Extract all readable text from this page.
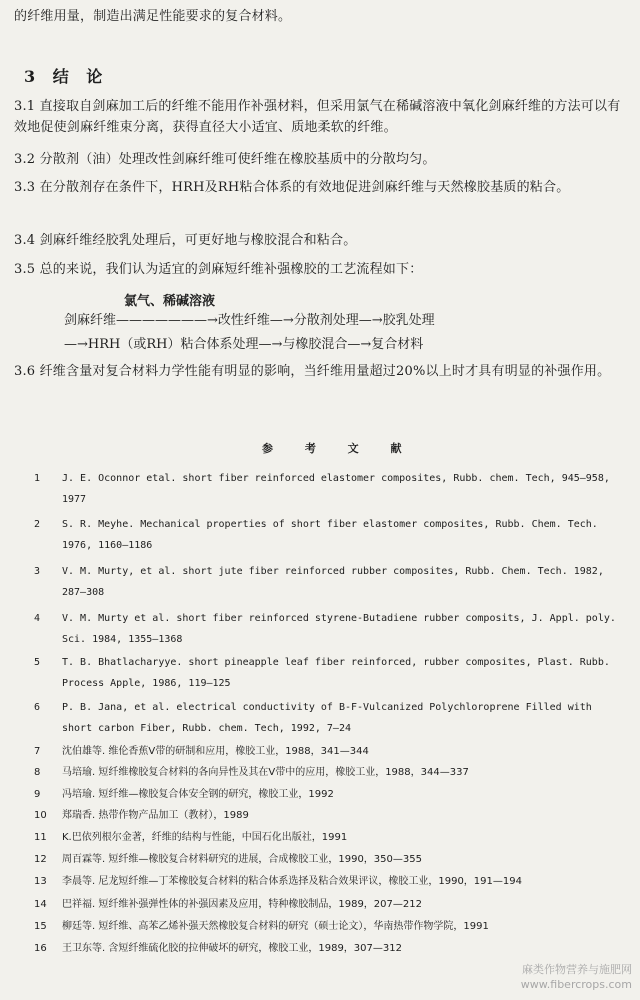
的纤维用量，制造出满足性能要求的复合材料。
3 结 论
3.1 直接取自剑麻加工后的纤维不能用作补强材料，但采用氯气在稀碱溶液中氧化剑麻纤维的方法可以有效地促使剑麻纤维束分离，获得直径大小适宜、质地柔软的纤维。
3.2 分散剂（油）处理改性剑麻纤维可使纤维在橡胶基质中的分散均匀。
3.3 在分散剂存在条件下，HRH及RH粘合体系的有效地促进剑麻纤维与天然橡胶基质的粘合。
3.4 剑麻纤维经胶乳处理后，可更好地与橡胶混合和粘合。
3.5 总的来说，我们认为适宜的剑麻短纤维补强橡胶的工艺流程如下：
氯气、稀碱溶液
剑麻纤维———————→改性纤维—→分散剂处理—→胶乳处理
—→HRH（或RH）粘合体系处理—→与橡胶混合—→复合材料
3.6 纤维含量对复合材料力学性能有明显的影响，当纤维用量超过20%以上时才具有明显的补强作用。
参 考 文 献
1	J. E. Oconnor etal. short fiber reinforced elastomer composites, Rubb. chem. Tech, 945—958, 1977
2	S. R. Meyhe. Mechanical properties of short fiber elastomer composites, Rubb. Chem. Tech. 1976, 1160—1186
3	V. M. Murty, et al. short jute fiber reinforced rubber composites, Rubb. Chem. Tech. 1982, 287—308
4	V. M. Murty et al. short fiber reinforced styrene-Butadiene rubber composits, J. Appl. poly. Sci. 1984, 1355—1368
5	T. B. Bhatlacharyye. short pineapple leaf fiber reinforced, rubber composites, Plast. Rubb. Process Apple, 1986, 119—125
6	P. B. Jana, et al. electrical conductivity of B-F-Vulcanized Polychloroprene Filled with short carbon Fiber, Rubb. chem. Tech, 1992, 7—24
7	沈伯雄等. 维伦香蕉V带的研制和应用，橡胶工业，1988，341—344
8	马培瑜. 短纤维橡胶复合材料的各向异性及其在V带中的应用，橡胶工业，1988，344—337
9	冯培瑜. 短纤维—橡胶复合体安全钢的研究，橡胶工业，1992
10 郑瑞香. 热带作物产品加工（教材），1989
11 K.巴依列根尔金著，纤维的结构与性能，中国石化出版社，1991
12 周百霖等. 短纤维—橡胶复合材料研究的进展，合成橡胶工业，1990，350—355
13 李晨等. 尼龙短纤维—丁苯橡胶复合材料的粘合体系选择及粘合效果评议，橡胶工业，1990，191—194
14 巴祥福. 短纤维补强弹性体的补强因素及应用，特种橡胶制品，1989，207—212
15 柳廷等. 短纤维、高苯乙烯补强天然橡胶复合材料的研究（硕士论文），华南热带作物学院，1991
16 王卫东等. 含短纤维硫化胶的拉伸破坏的研究，橡胶工业，1989，307—312
麻类作物营养与施肥网
www.fibercrops.com
